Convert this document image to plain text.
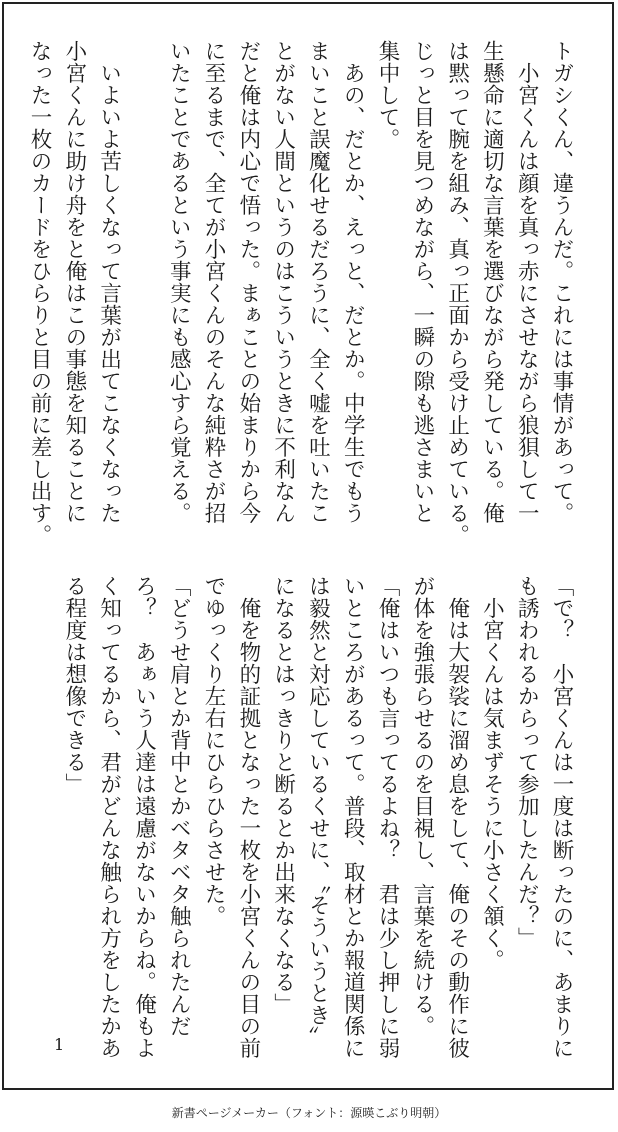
トガシくん、違うんだ。これには事情があって。
　小宮くんは顔を真っ赤にさせながら狼狽して一
生懸命に適切な言葉を選びながら発している。俺
は黙って腕を組み、真っ正面から受け止めている。
じっと目を見つめながら、一瞬の隙も逃さまいと
集中して。
　あの、だとか、えっと、だとか。中学生でもう
まいこと誤魔化せるだろうに、全く嘘を吐いたこ
とがない人間というのはこういうときに不利なん
だと俺は内心で悟った。まぁことの始まりから今
に至るまで、全てが小宮くんのそんな純粋さが招
いたことであるという事実にも感心すら覚える。

　いよいよ苦しくなって言葉が出てこなくなった
小宮くんに助け舟をと俺はこの事態を知ることに
なった一枚のカードをひらりと目の前に差し出す。
「で？　小宮くんは一度は断ったのに、あまりに
も誘われるからって参加したんだ？」
　小宮くんは気まずそうに小さく頷く。
　俺は大袈裟に溜め息をして、俺のその動作に彼
が体を強張らせるのを目視し、言葉を続ける。
「俺はいつも言ってるよね？　君は少し押しに弱
いところがあるって。普段、取材とか報道関係に
は毅然と対応しているくせに、〝そういうとき〟
になるとはっきりと断るとか出来なくなる」
　俺を物的証拠となった一枚を小宮くんの目の前
でゆっくり左右にひらひらさせた。
「どうせ肩とか背中とかベタベタ触られたんだ
ろ？　あぁいう人達は遠慮がないからね。俺もよ
く知ってるから、君がどんな触られ方をしたかあ
る程度は想像できる」
1
新書ページメーカー（フォント：源暎こぶり明朝）
